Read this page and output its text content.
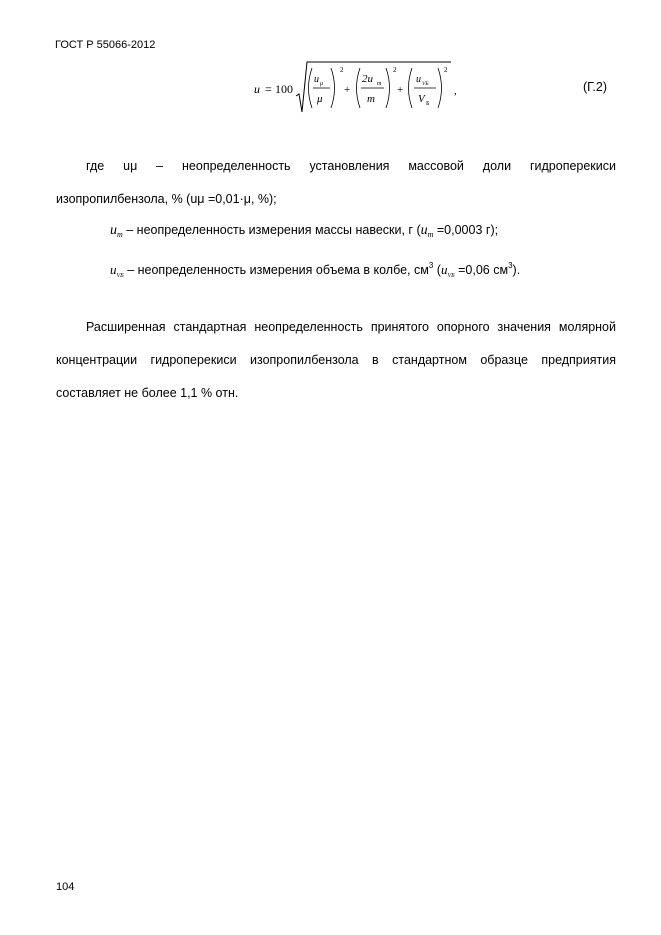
ГОСТ Р 55066-2012
u = 100
u μ
μ
2
+
2u m
m
2
+
u VБ
V Б
2
,	(Г.2)
где uμ – неопределенность установления массовой доли гидроперекиси изопропилбензола, % (uμ =0,01·μ, %);
$u_m$ – неопределенность измерения массы навески, г ($u_m =0,0003$ г);
$u_{VБ}$ – неопределенность измерения объема в колбе, $см^3$ ($u_{VБ} =0,06$ $см^3$).
Расширенная стандартная неопределенность принятого опорного значения молярной концентрации гидроперекиси изопропилбензола в стандартном образце предприятия составляет не более 1,1 % отн.
104
